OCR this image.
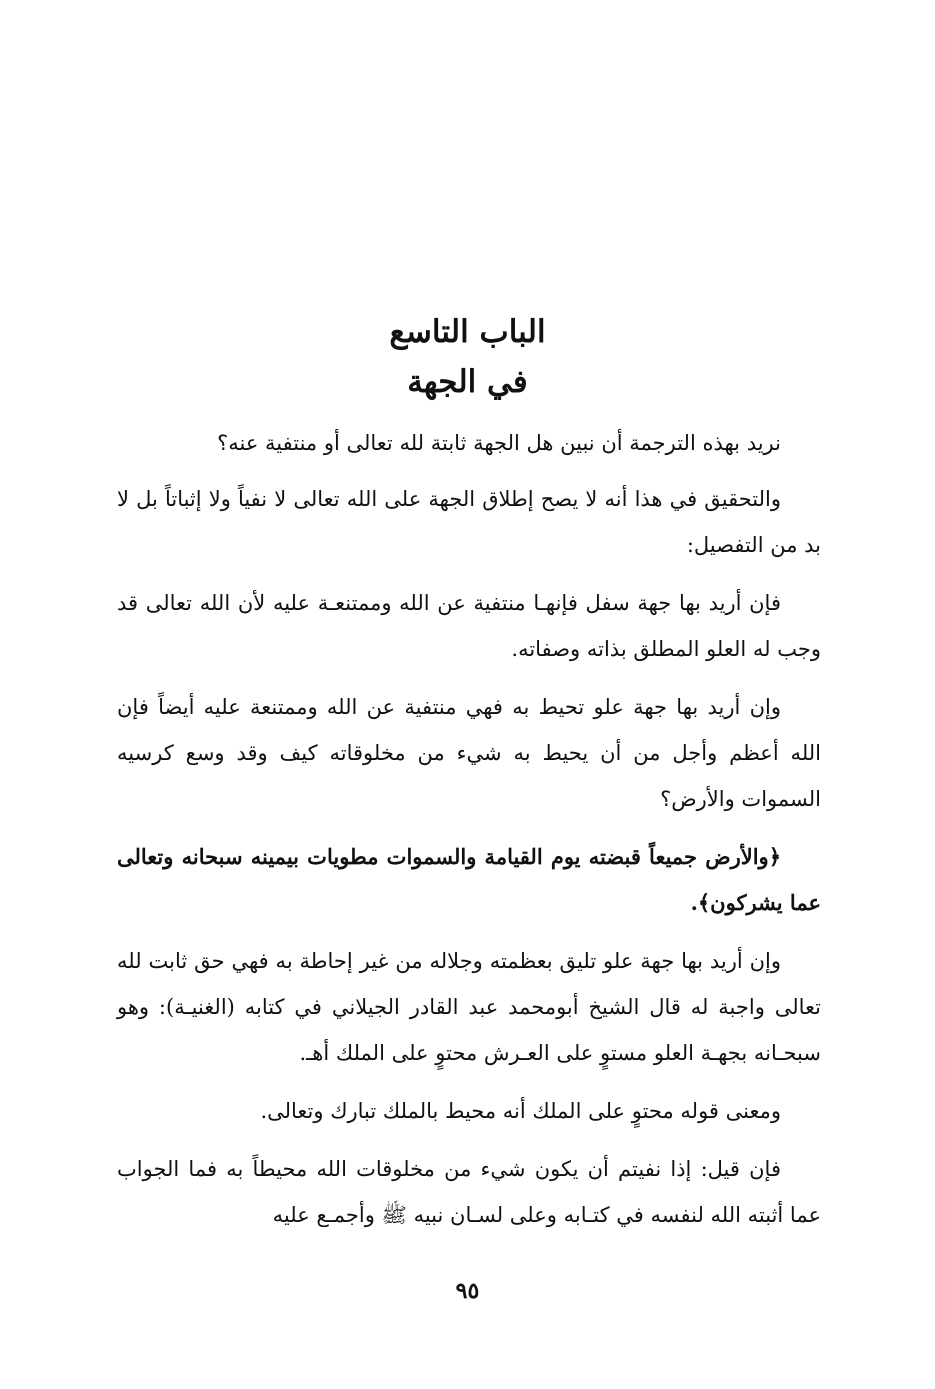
الباب التاسع
في الجهة

نريد بهذه الترجمة أن نبين هل الجهة ثابتة لله تعالى أو منتفية عنه؟

والتحقيق في هذا أنه لا يصح إطلاق الجهة على الله تعالى لا نفياً ولا إثباتاً بل لا بد من التفصيل:

فإن أريد بها جهة سفل فإنهـا منتفية عن الله وممتنعـة عليه لأن الله تعالى قد وجب له العلو المطلق بذاته وصفاته.

وإن أريد بها جهة علو تحيط به فهي منتفية عن الله وممتنعة عليه أيضاً فإن الله أعظم وأجل من أن يحيط به شيء من مخلوقاته كيف وقد وسع كرسيه السموات والأرض؟

﴿والأرض جميعاً قبضته يوم القيامة والسموات مطويات بيمينه سبحانه وتعالى عما يشركون﴾.

وإن أريد بها جهة علو تليق بعظمته وجلاله من غير إحاطة به فهي حق ثابت لله تعالى واجبة له قال الشيخ أبومحمد عبد القادر الجيلاني في كتابه (الغنيـة): وهو سبحـانه بجهـة العلو مستوٍ على العـرش محتوٍ على الملك أهـ.

ومعنى قوله محتوٍ على الملك أنه محيط بالملك تبارك وتعالى.

فإن قيل: إذا نفيتم أن يكون شيء من مخلوقات الله محيطاً به فما الجواب عما أثبته الله لنفسه في كتـابه وعلى لسـان نبيه ﷺ وأجمـع عليه

٩٥
